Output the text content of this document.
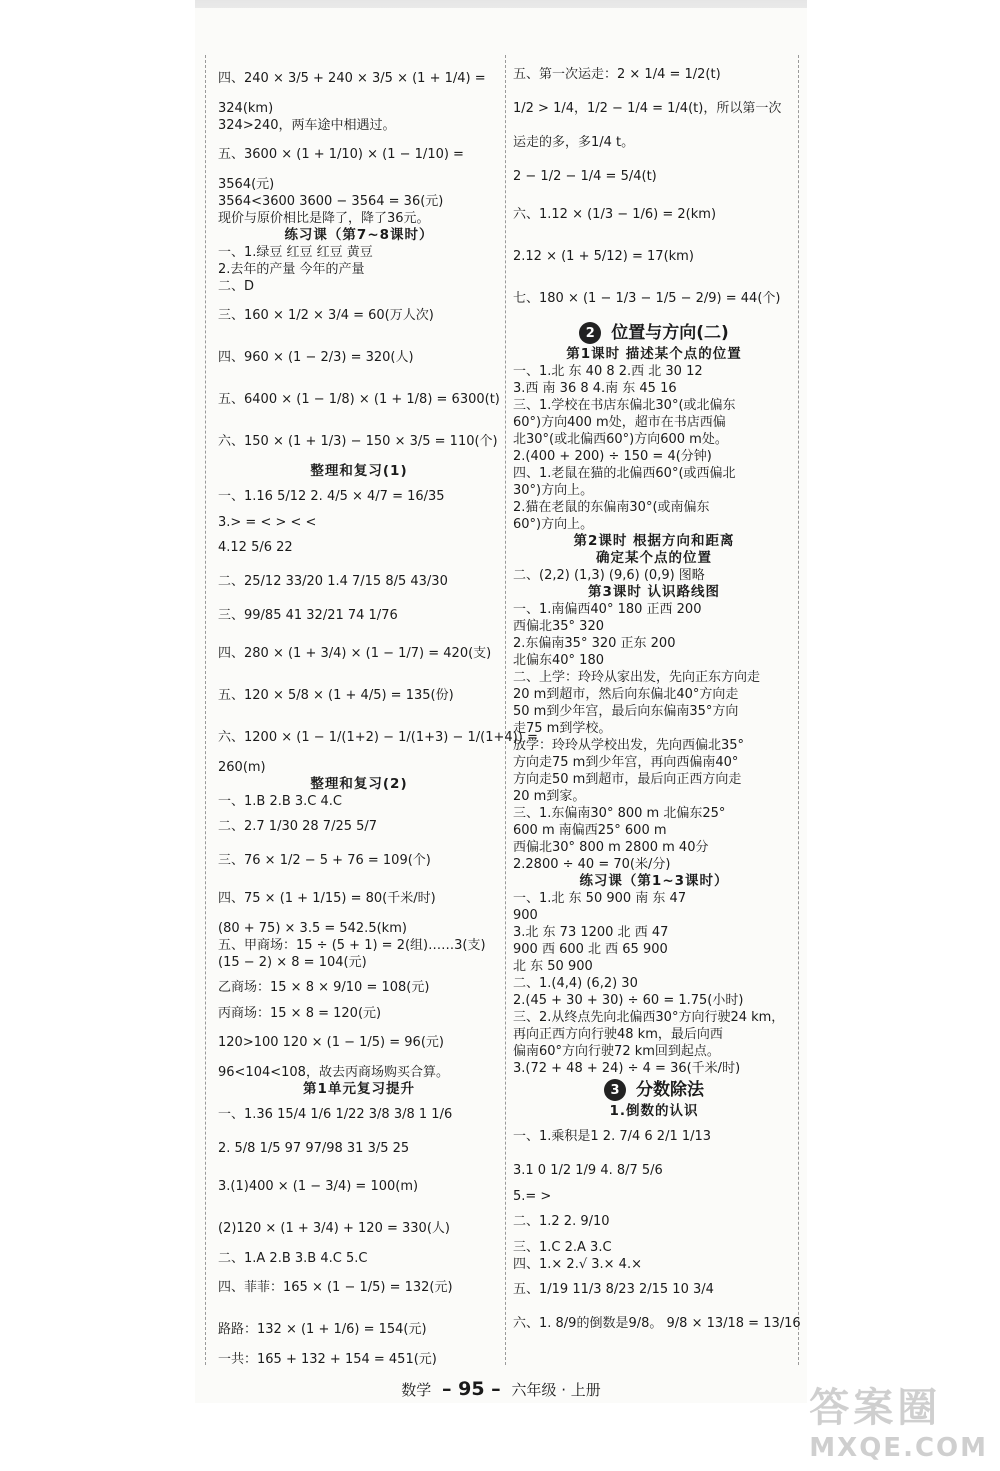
四、240 × 3/5 + 240 × 3/5 × (1 + 1/4) =
324(km)
324>240，两车途中相遇过。
五、3600 × (1 + 1/10) × (1 − 1/10) =
3564(元)
3564<3600 3600 − 3564 = 36(元)
现价与原价相比是降了，降了36元。
练习课（第7~8课时）
一、1.绿豆 红豆 红豆 黄豆
2.去年的产量 今年的产量
二、D
三、160 × 1/2 × 3/4 = 60(万人次)
四、960 × (1 − 2/3) = 320(人)
五、6400 × (1 − 1/8) × (1 + 1/8) = 6300(t)
六、150 × (1 + 1/3) − 150 × 3/5 = 110(个)
整理和复习(1)
一、1.16 5/12 2. 4/5 × 4/7 = 16/35
3.> = < > < <
4.12 5/6 22
二、25/12 33/20 1.4 7/15 8/5 43/30
三、99/85 41 32/21 74 1/76
四、280 × (1 + 3/4) × (1 − 1/7) = 420(支)
五、120 × 5/8 × (1 + 4/5) = 135(份)
六、1200 × (1 − 1/(1+2) − 1/(1+3) − 1/(1+4)) =
260(m)
整理和复习(2)
一、1.B 2.B 3.C 4.C
二、2.7 1/30 28 7/25 5/7
三、76 × 1/2 − 5 + 76 = 109(个)
四、75 × (1 + 1/15) = 80(千米/时)
(80 + 75) × 3.5 = 542.5(km)
五、甲商场：15 ÷ (5 + 1) = 2(组)……3(支)
(15 − 2) × 8 = 104(元)
乙商场：15 × 8 × 9/10 = 108(元)
丙商场：15 × 8 = 120(元)
120>100 120 × (1 − 1/5) = 96(元)
96<104<108，故去丙商场购买合算。
第1单元复习提升
一、1.36 15/4 1/6 1/22 3/8 3/8 1 1/6
2. 5/8 1/5 97 97/98 31 3/5 25
3.(1)400 × (1 − 3/4) = 100(m)
(2)120 × (1 + 3/4) + 120 = 330(人)
二、1.A 2.B 3.B 4.C 5.C
四、菲菲：165 × (1 − 1/5) = 132(元)
路路：132 × (1 + 1/6) = 154(元)
一共：165 + 132 + 154 = 451(元)
五、第一次运走：2 × 1/4 = 1/2(t)
1/2 > 1/4，1/2 − 1/4 = 1/4(t)，所以第一次
运走的多，多1/4 t。
2 − 1/2 − 1/4 = 5/4(t)
六、1.12 × (1/3 − 1/6) = 2(km)
2.12 × (1 + 5/12) = 17(km)
七、180 × (1 − 1/3 − 1/5 − 2/9) = 44(个)
2 位置与方向(二)
第1课时 描述某个点的位置
一、1.北 东 40 8 2.西 北 30 12
3.西 南 36 8 4.南 东 45 16
三、1.学校在书店东偏北30°(或北偏东
60°)方向400 m处，超市在书店西偏
北30°(或北偏西60°)方向600 m处。
2.(400 + 200) ÷ 150 = 4(分钟)
四、1.老鼠在猫的北偏西60°(或西偏北
30°)方向上。
2.猫在老鼠的东偏南30°(或南偏东
60°)方向上。
第2课时 根据方向和距离
确定某个点的位置
二、(2,2) (1,3) (9,6) (0,9) 图略
第3课时 认识路线图
一、1.南偏西40° 180 正西 200
西偏北35° 320
2.东偏南35° 320 正东 200
北偏东40° 180
二、上学：玲玲从家出发，先向正东方向走
20 m到超市，然后向东偏北40°方向走
50 m到少年宫，最后向东偏南35°方向
走75 m到学校。
放学：玲玲从学校出发，先向西偏北35°
方向走75 m到少年宫，再向西偏南40°
方向走50 m到超市，最后向正西方向走
20 m到家。
三、1.东偏南30° 800 m 北偏东25°
600 m 南偏西25° 600 m
西偏北30° 800 m 2800 m 40分
2.2800 ÷ 40 = 70(米/分)
练习课（第1~3课时）
一、1.北 东 50 900 南 东 47
900
3.北 东 73 1200 北 西 47
900 西 600 北 西 65 900
北 东 50 900
二、1.(4,4) (6,2) 30
2.(45 + 30 + 30) ÷ 60 = 1.75(小时)
三、2.从终点先向北偏西30°方向行驶24 km，
再向正西方向行驶48 km，最后向西
偏南60°方向行驶72 km回到起点。
3.(72 + 48 + 24) ÷ 4 = 36(千米/时)
3 分数除法
1.倒数的认识
一、1.乘积是1 2. 7/4 6 2/1 1/13
3.1 0 1/2 1/9 4. 8/7 5/6
5.= >
二、1.2 2. 9/10
三、1.C 2.A 3.C
四、1.× 2.√ 3.× 4.×
五、1/19 11/3 8/23 2/15 10 3/4
六、1. 8/9的倒数是9/8。 9/8 × 13/18 = 13/16
数学 – 95 – 六年级 · 上册	答案圈
MXQE.COM
